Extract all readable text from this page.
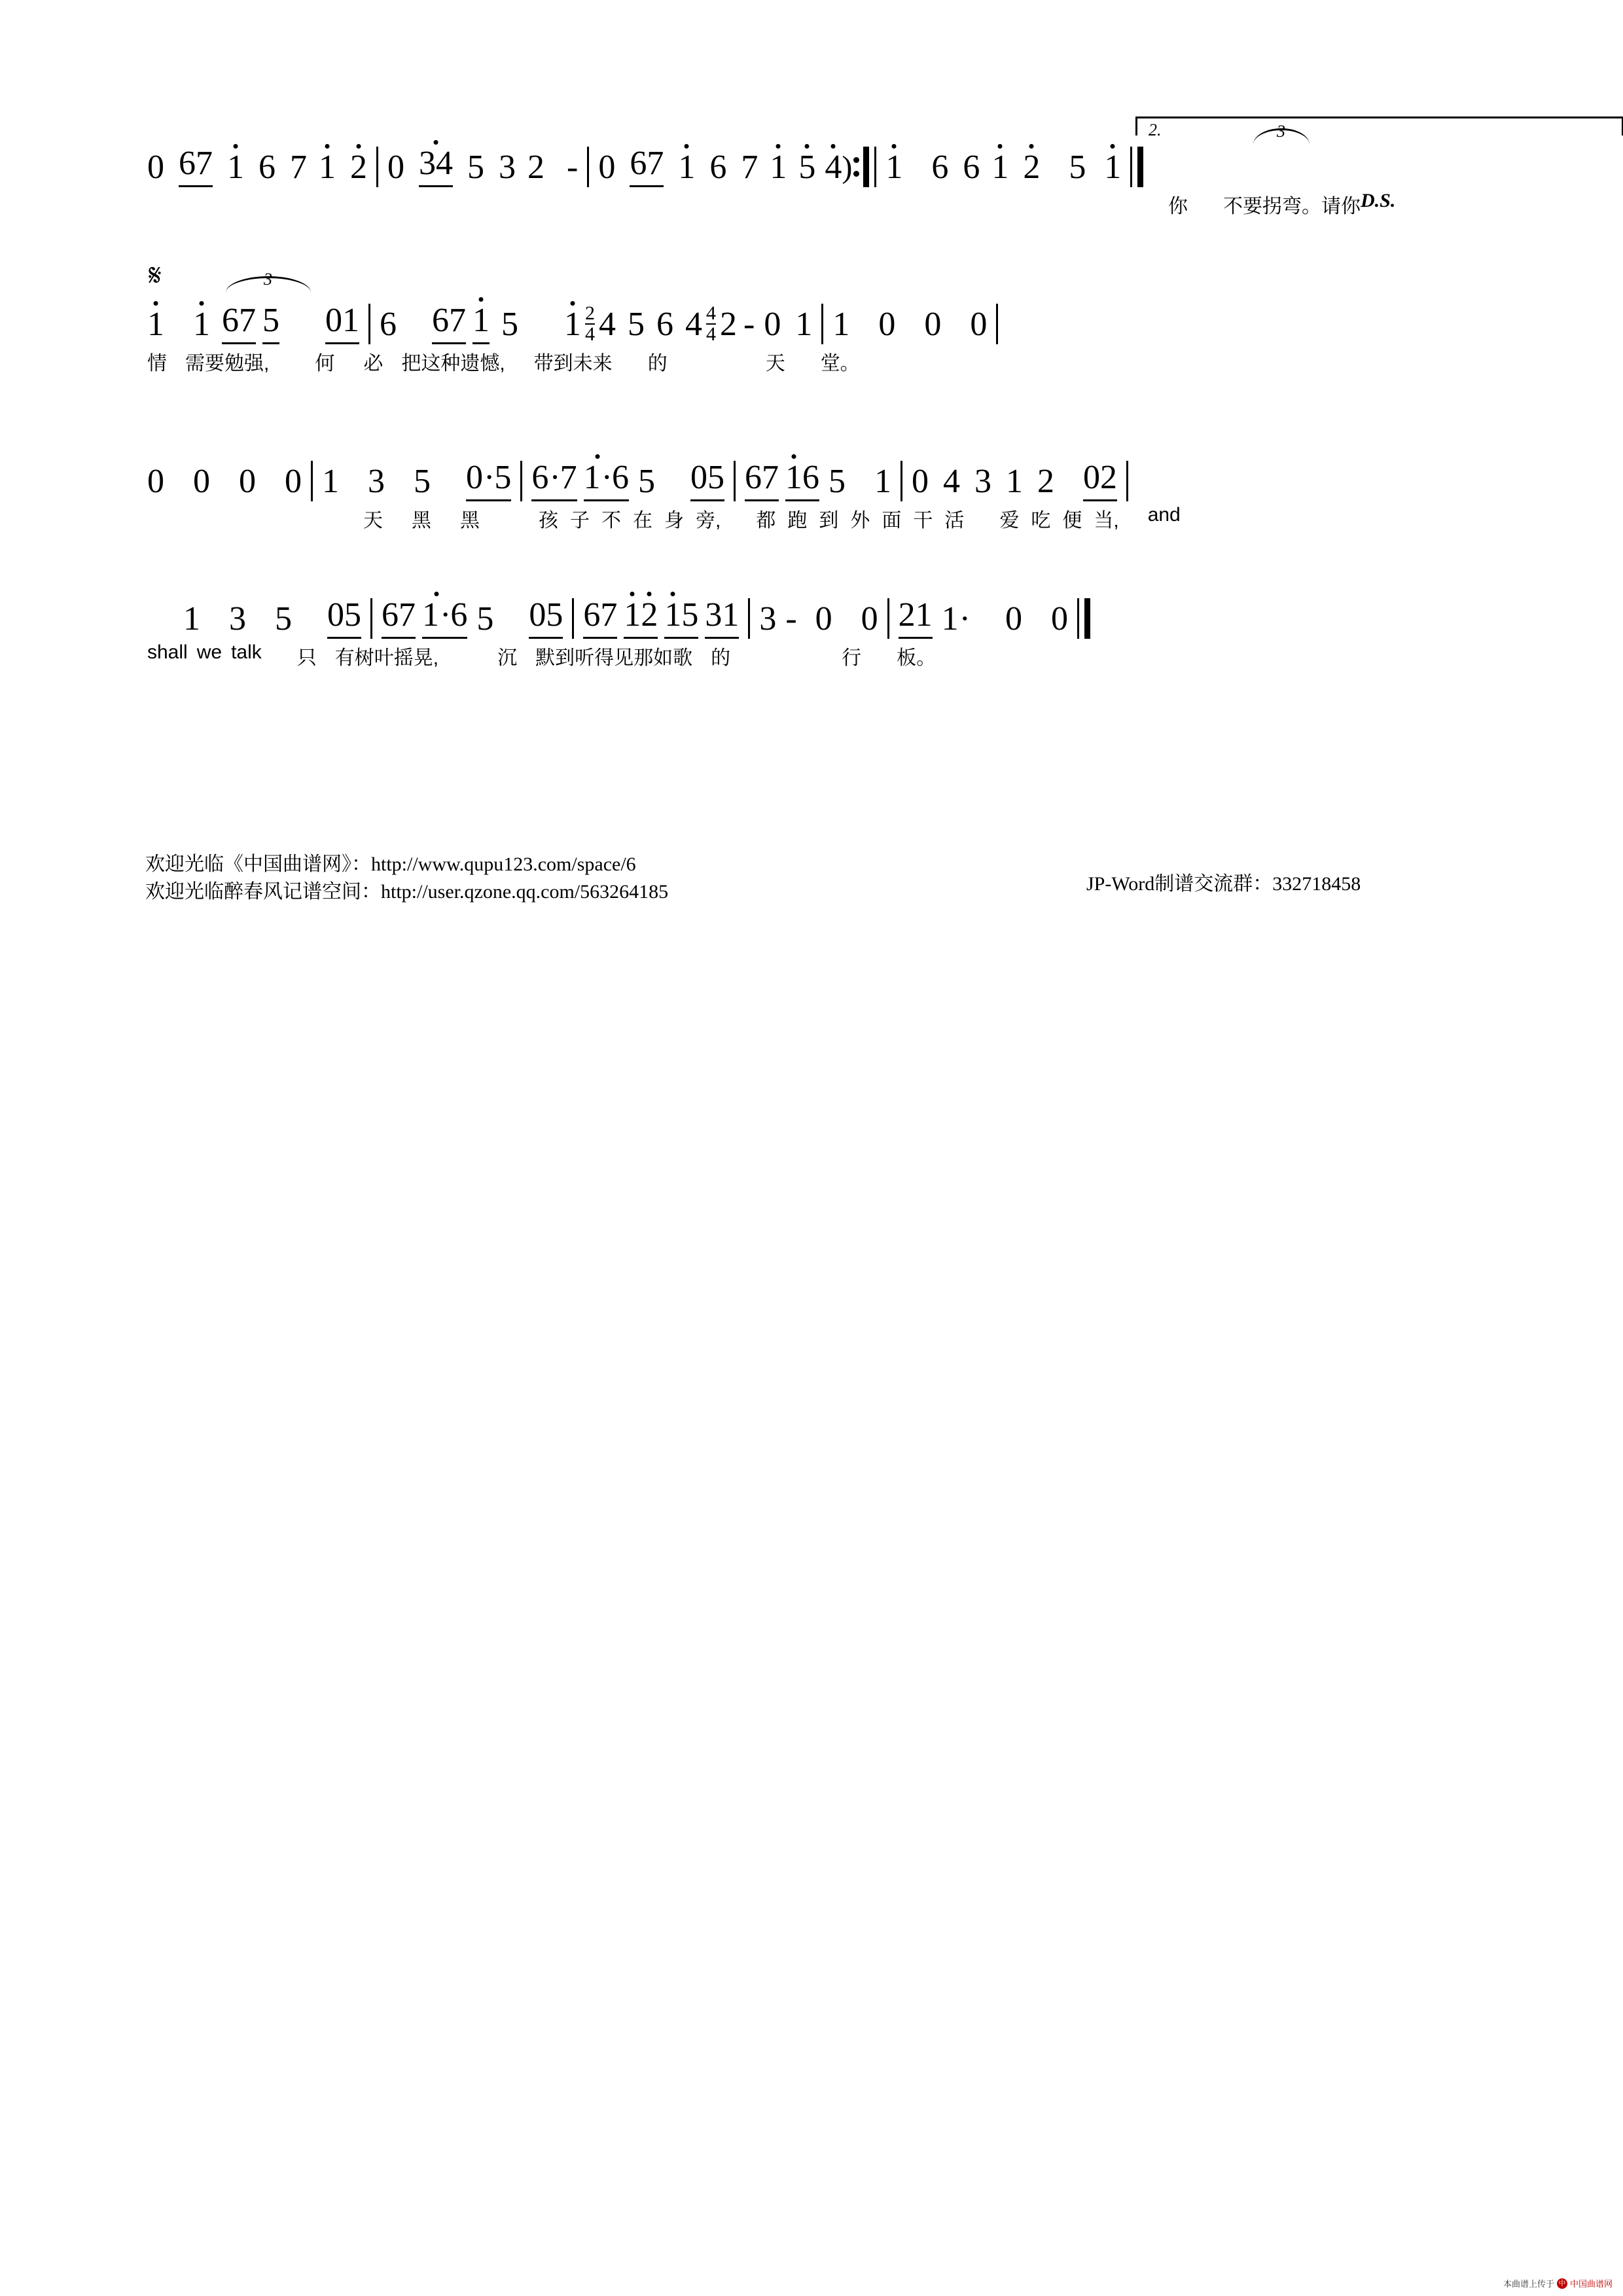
2.	3
0 67 1 6 7 1 2 0 34 5 3 2 - 0 67 1 6 7 1 5 4 ) 1 6 6 1 2 5 1
你 不要拐弯。请 你 D.S.
𝄋	3
1 1 6 7 5 0 1 6 6 7 1 5 1 2
4 4 5 6 4 4
4 2 - 0 1 1 0 0 0
情 需要勉强, 何 必 把这种遗憾, 带到未来 的	天 堂。
0 0 0 0 1 3 5 0 · 5 6 · 7 1 · 6 5 0 5 6 7 1 6 5 1 0 4 3 1 2 0 2
天 黑 黑	孩 子 不 在 身 旁, 都 跑 到 外 面 干 活 爱 吃 便 当, and
1 3 5 0 5 6 7 1 · 6 5 0 5 6 7 1 2 1 5 3 1 3 - 0 0 2 1 1 ·	0 0
shall we talk 只 有树叶摇晃,	沉 默到听得见那如歌 的	行 板。
欢迎光临《中国曲谱网》：http://www.qupu123.com/space/6
欢迎光临醉春风记谱空间：http://user.qzone.qq.com/563264185	JP-Word制谱交流群：332718458
本曲谱上传于 中 中国曲谱网
